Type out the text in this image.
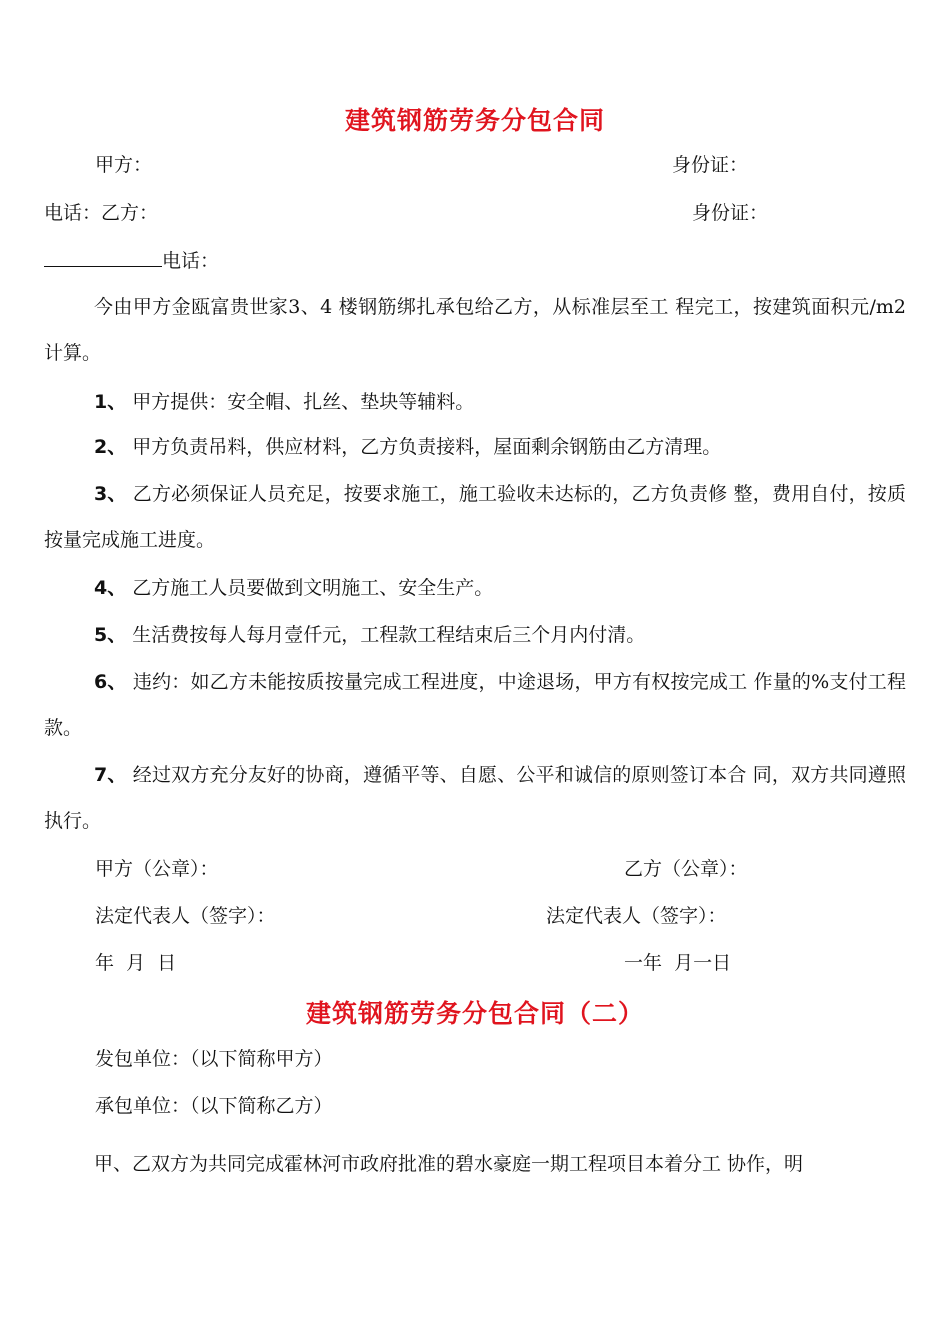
建筑钢筋劳务分包合同
甲方：	身份证：
电话：乙方：	身份证：
电话：
今由甲方金瓯富贵世家3、4 楼钢筋绑扎承包给乙方，从标准层至工 程完工，按建筑面积元/m2计算。
1、 甲方提供：安全帽、扎丝、垫块等辅料。
2、 甲方负责吊料，供应材料，乙方负责接料，屋面剩余钢筋由乙方清理。
3、 乙方必须保证人员充足，按要求施工，施工验收未达标的，乙方负责修 整，费用自付，按质按量完成施工进度。
4、 乙方施工人员要做到文明施工、安全生产。
5、 生活费按每人每月壹仟元，工程款工程结束后三个月内付清。
6、 违约：如乙方未能按质按量完成工程进度，中途退场，甲方有权按完成工 作量的%支付工程款。
7、 经过双方充分友好的协商，遵循平等、自愿、公平和诚信的原则签订本合 同，双方共同遵照执行。
甲方（公章）：	乙方（公章）：
法定代表人（签字）：	法定代表人（签字）：
年  月  日	一年  月一日
建筑钢筋劳务分包合同（二）
发包单位：（以下简称甲方）
承包单位：（以下简称乙方）
甲、乙双方为共同完成霍林河市政府批准的碧水豪庭一期工程项目本着分工 协作，明
